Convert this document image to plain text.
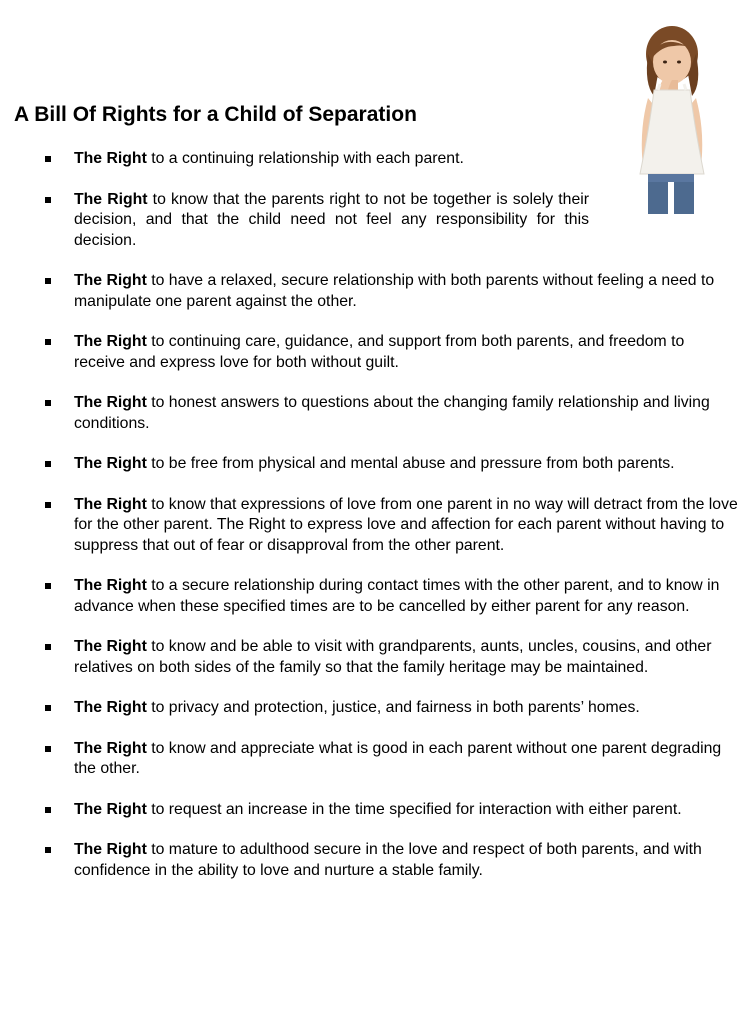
A Bill Of Rights for a Child of Separation
The Right to a continuing relationship with each parent.
The Right to know that the parents right to not be together is solely their decision, and that the child need not feel any responsibility for this decision.
The Right to have a relaxed, secure relationship with both parents without feeling a need to manipulate one parent against the other.
The Right to continuing care, guidance, and support from both parents, and freedom to receive and express love for both without guilt.
The Right to honest answers to questions about the changing family relationship and living conditions.
The Right to be free from physical and mental abuse and pressure from both parents.
The Right to know that expressions of love from one parent in no way will detract from the love for the other parent. The Right to express love and affection for each parent without having to suppress that out of fear or disapproval from the other parent.
The Right to a secure relationship during contact times with the other parent, and to know in advance when these specified times are to be cancelled by either parent for any reason.
The Right to know and be able to visit with grandparents, aunts, uncles, cousins, and other relatives on both sides of the family so that the family heritage may be maintained.
The Right to privacy and protection, justice, and fairness in both parents’ homes.
The Right to know and appreciate what is good in each parent without one parent degrading the other.
The Right to request an increase in the time specified for interaction with either parent.
The Right to mature to adulthood secure in the love and respect of both parents, and with confidence in the ability to love and nurture a stable family.
